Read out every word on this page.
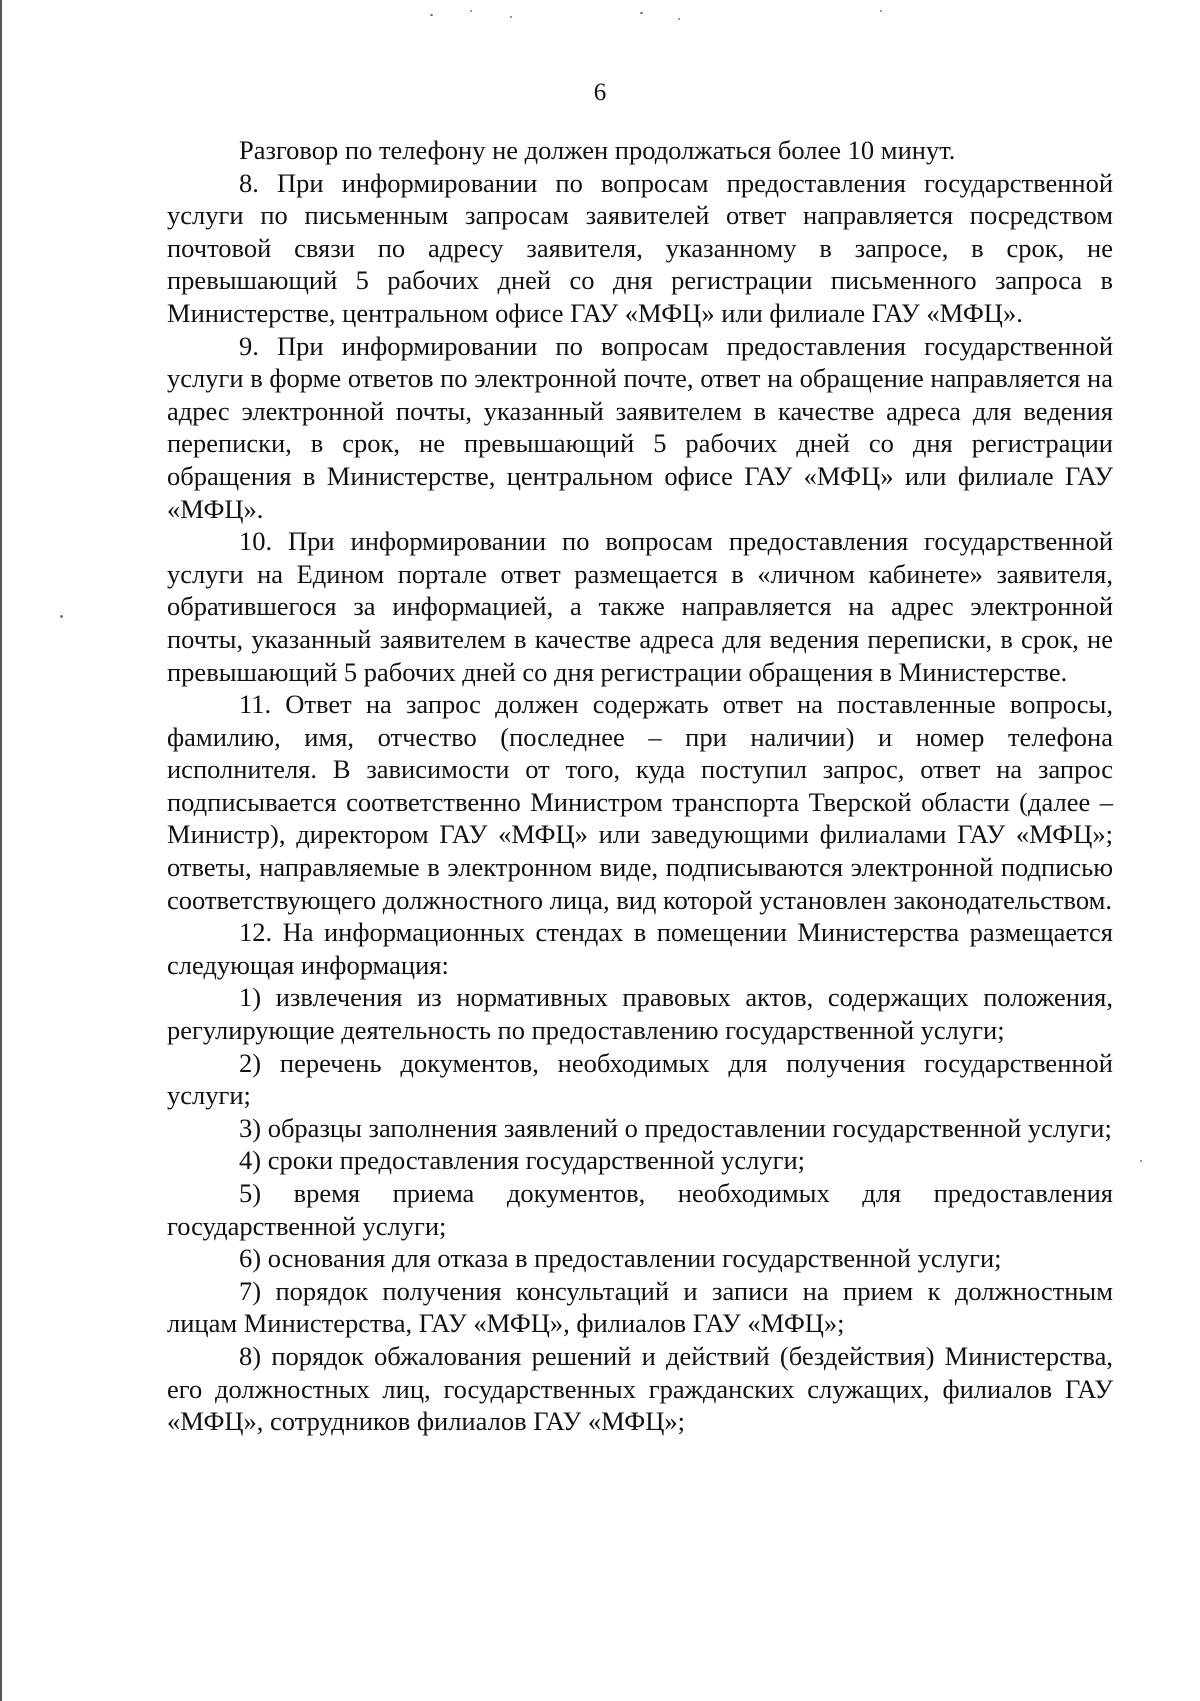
6

Разговор по телефону не должен продолжаться более 10 минут.

8. При информировании по вопросам предоставления государственной услуги по письменным запросам заявителей ответ направляется посредством почтовой связи по адресу заявителя, указанному в запросе, в срок, не превышающий 5 рабочих дней со дня регистрации письменного запроса в Министерстве, центральном офисе ГАУ «МФЦ» или филиале ГАУ «МФЦ».

9. При информировании по вопросам предоставления государственной услуги в форме ответов по электронной почте, ответ на обращение направляется на адрес электронной почты, указанный заявителем в качестве адреса для ведения переписки, в срок, не превышающий 5 рабочих дней со дня регистрации обращения в Министерстве, центральном офисе ГАУ «МФЦ» или филиале ГАУ «МФЦ».

10. При информировании по вопросам предоставления государственной услуги на Едином портале ответ размещается в «личном кабинете» заявителя, обратившегося за информацией, а также направляется на адрес электронной почты, указанный заявителем в качестве адреса для ведения переписки, в срок, не превышающий 5 рабочих дней со дня регистрации обращения в Министерстве.

11. Ответ на запрос должен содержать ответ на поставленные вопросы, фамилию, имя, отчество (последнее – при наличии) и номер телефона исполнителя. В зависимости от того, куда поступил запрос, ответ на запрос подписывается соответственно Министром транспорта Тверской области (далее – Министр), директором ГАУ «МФЦ» или заведующими филиалами ГАУ «МФЦ»; ответы, направляемые в электронном виде, подписываются электронной подписью соответствующего должностного лица, вид которой установлен законодательством.

12. На информационных стендах в помещении Министерства размещается следующая информация:

1) извлечения из нормативных правовых актов, содержащих положения, регулирующие деятельность по предоставлению государственной услуги;

2) перечень документов, необходимых для получения государственной услуги;

3) образцы заполнения заявлений о предоставлении государственной услуги;

4) сроки предоставления государственной услуги;

5) время приема документов, необходимых для предоставления государственной услуги;

6) основания для отказа в предоставлении государственной услуги;

7) порядок получения консультаций и записи на прием к должностным лицам Министерства, ГАУ «МФЦ», филиалов ГАУ «МФЦ»;

8) порядок обжалования решений и действий (бездействия) Министерства, его должностных лиц, государственных гражданских служащих, филиалов ГАУ «МФЦ», сотрудников филиалов ГАУ «МФЦ»;
